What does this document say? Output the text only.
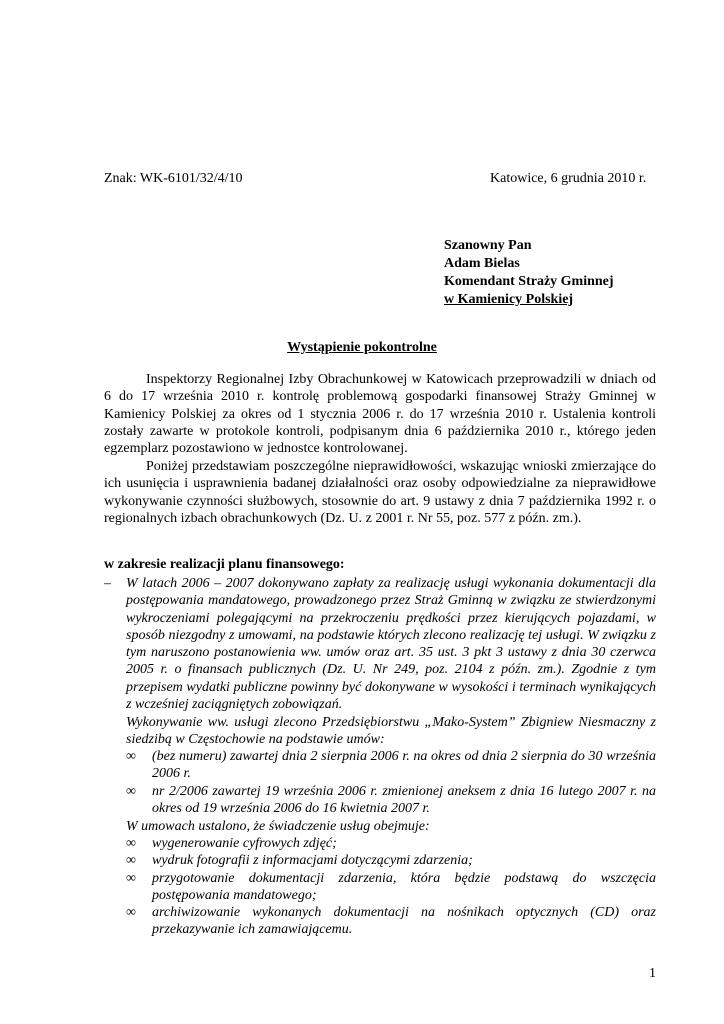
Znak: WK-6101/32/4/10	Katowice, 6 grudnia 2010 r.
Szanowny Pan
Adam Bielas
Komendant Straży Gminnej
w Kamienicy Polskiej
Wystąpienie pokontrolne

Inspektorzy Regionalnej Izby Obrachunkowej w Katowicach przeprowadzili w dniach od 6 do 17 września 2010 r. kontrolę problemową gospodarki finansowej Straży Gminnej w Kamienicy Polskiej za okres od 1 stycznia 2006 r. do 17 września 2010 r. Ustalenia kontroli zostały zawarte w protokole kontroli, podpisanym dnia 6 października 2010 r., którego jeden egzemplarz pozostawiono w jednostce kontrolowanej.

Poniżej przedstawiam poszczególne nieprawidłowości, wskazując wnioski zmierzające do ich usunięcia i usprawnienia badanej działalności oraz osoby odpowiedzialne za nieprawidłowe wykonywanie czynności służbowych, stosownie do art. 9 ustawy z dnia 7 października 1992 r. o regionalnych izbach obrachunkowych (Dz. U. z 2001 r. Nr 55, poz. 577 z późn. zm.).

w zakresie realizacji planu finansowego:
– W latach 2006 – 2007 dokonywano zapłaty za realizację usługi wykonania dokumentacji dla postępowania mandatowego, prowadzonego przez Straż Gminną w związku ze stwierdzonymi wykroczeniami polegającymi na przekroczeniu prędkości przez kierujących pojazdami, w sposób niezgodny z umowami, na podstawie których zlecono realizację tej usługi. W związku z tym naruszono postanowienia ww. umów oraz art. 35 ust. 3 pkt 3 ustawy z dnia 30 czerwca 2005 r. o finansach publicznych (Dz. U. Nr 249, poz. 2104 z późn. zm.). Zgodnie z tym przepisem wydatki publiczne powinny być dokonywane w wysokości i terminach wynikających z wcześniej zaciągniętych zobowiązań.
Wykonywanie ww. usługi zlecono Przedsiębiorstwu „Mako-System” Zbigniew Niesmaczny z siedzibą w Częstochowie na podstawie umów:
∞ (bez numeru) zawartej dnia 2 sierpnia 2006 r. na okres od dnia 2 sierpnia do 30 września 2006 r.
∞ nr 2/2006 zawartej 19 września 2006 r. zmienionej aneksem z dnia 16 lutego 2007 r. na okres od 19 września 2006 do 16 kwietnia 2007 r.
W umowach ustalono, że świadczenie usług obejmuje:
∞ wygenerowanie cyfrowych zdjęć;
∞ wydruk fotografii z informacjami dotyczącymi zdarzenia;
∞ przygotowanie dokumentacji zdarzenia, która będzie podstawą do wszczęcia postępowania mandatowego;
∞ archiwizowanie wykonanych dokumentacji na nośnikach optycznych (CD) oraz przekazywanie ich zamawiającemu.
1
